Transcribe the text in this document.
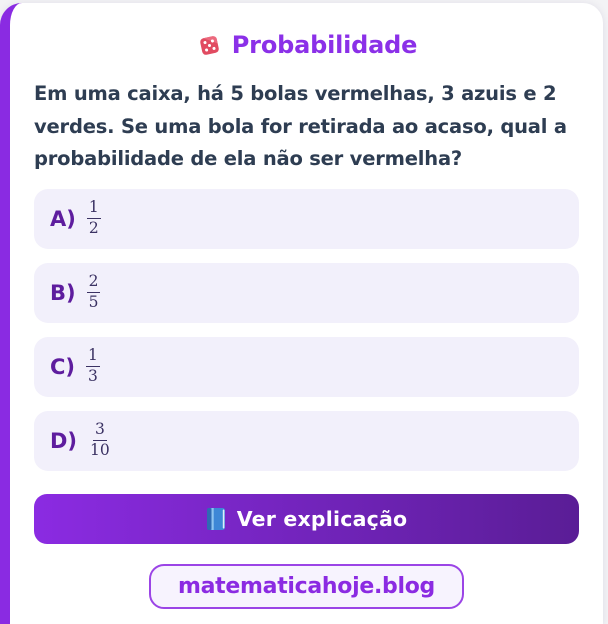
Probabilidade
Em uma caixa, há 5 bolas vermelhas, 3 azuis e 2 verdes. Se uma bola for retirada ao acaso, qual a probabilidade de ela não ser vermelha?
$A) \frac{1}{2}$
$B) \frac{2}{5}$
$C) \frac{1}{3}$
$D) \frac{3}{10}$
Ver explicação
matematicahoje.blog
